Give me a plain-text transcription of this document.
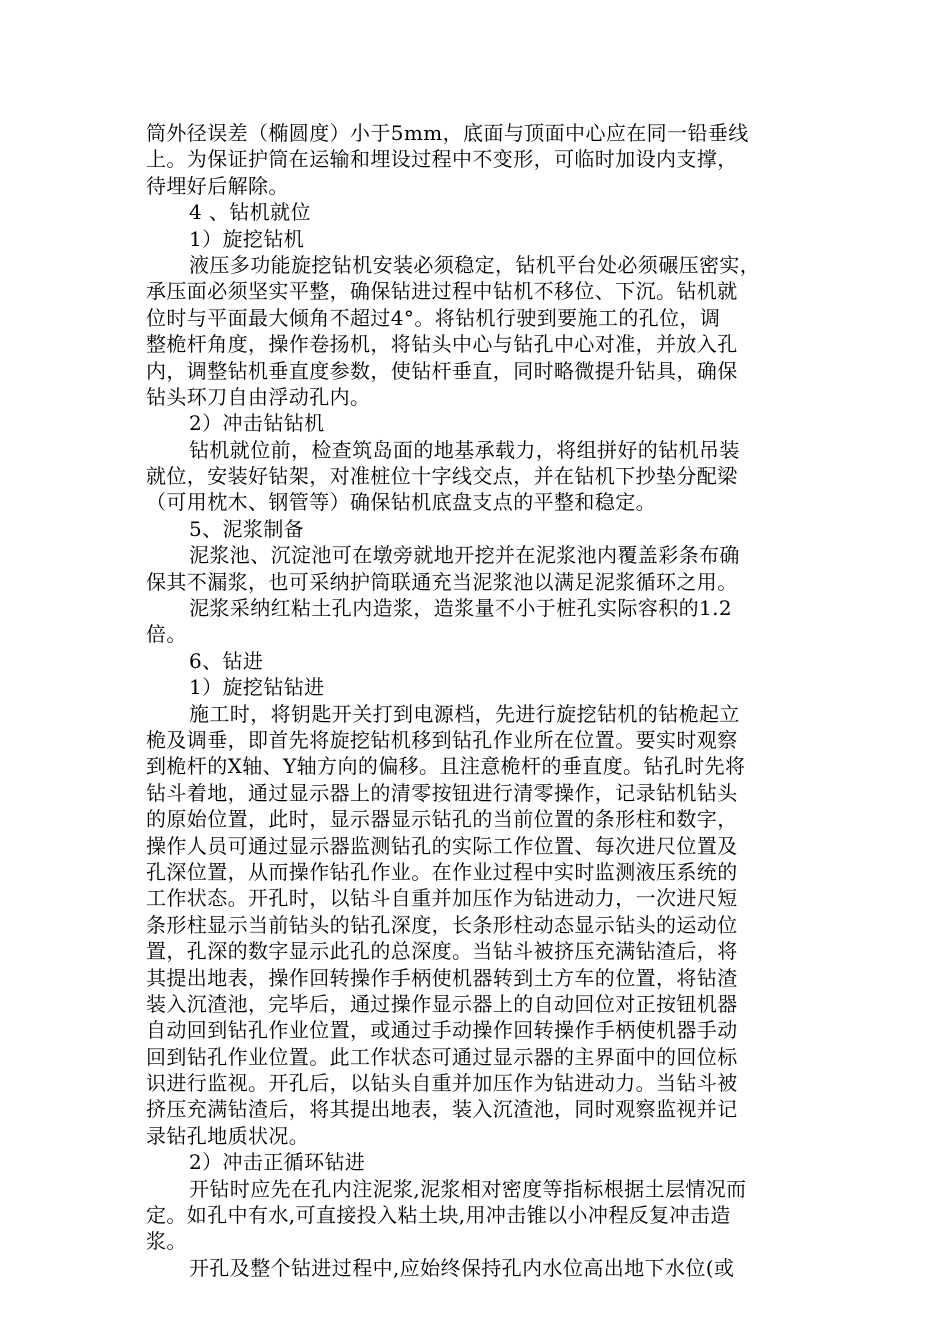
筒外径误差（椭圆度）小于5mm，底面与顶面中心应在同一铅垂线
上。为保证护筒在运输和埋设过程中不变形，可临时加设内支撑，
待埋好后解除。
4 、钻机就位
1）旋挖钻机
液压多功能旋挖钻机安装必须稳定，钻机平台处必须碾压密实，
承压面必须坚实平整，确保钻进过程中钻机不移位、下沉。钻机就
位时与平面最大倾角不超过4°。将钻机行驶到要施工的孔位，调
整桅杆角度，操作卷扬机，将钻头中心与钻孔中心对准，并放入孔
内，调整钻机垂直度参数，使钻杆垂直，同时略微提升钻具，确保
钻头环刀自由浮动孔内。
2）冲击钻钻机
钻机就位前，检查筑岛面的地基承载力，将组拼好的钻机吊装
就位，安装好钻架，对准桩位十字线交点，并在钻机下抄垫分配梁
（可用枕木、钢管等）确保钻机底盘支点的平整和稳定。
5、泥浆制备
泥浆池、沉淀池可在墩旁就地开挖并在泥浆池内覆盖彩条布确
保其不漏浆，也可采纳护筒联通充当泥浆池以满足泥浆循环之用。
泥浆采纳红粘土孔内造浆，造浆量不小于桩孔实际容积的1.2
倍。
6、钻进
1）旋挖钻钻进
施工时，将钥匙开关打到电源档，先进行旋挖钻机的钻桅起立
桅及调垂，即首先将旋挖钻机移到钻孔作业所在位置。要实时观察
到桅杆的X轴、Y轴方向的偏移。且注意桅杆的垂直度。钻孔时先将
钻斗着地，通过显示器上的清零按钮进行清零操作，记录钻机钻头
的原始位置，此时，显示器显示钻孔的当前位置的条形柱和数字，
操作人员可通过显示器监测钻孔的实际工作位置、每次进尺位置及
孔深位置，从而操作钻孔作业。在作业过程中实时监测液压系统的
工作状态。开孔时，以钻斗自重并加压作为钻进动力，一次进尺短
条形柱显示当前钻头的钻孔深度，长条形柱动态显示钻头的运动位
置，孔深的数字显示此孔的总深度。当钻斗被挤压充满钻渣后，将
其提出地表，操作回转操作手柄使机器转到土方车的位置，将钻渣
装入沉渣池，完毕后，通过操作显示器上的自动回位对正按钮机器
自动回到钻孔作业位置，或通过手动操作回转操作手柄使机器手动
回到钻孔作业位置。此工作状态可通过显示器的主界面中的回位标
识进行监视。开孔后，以钻头自重并加压作为钻进动力。当钻斗被
挤压充满钻渣后，将其提出地表，装入沉渣池，同时观察监视并记
录钻孔地质状况。
2）冲击正循环钻进
开钻时应先在孔内注泥浆,泥浆相对密度等指标根据土层情况而
定。如孔中有水,可直接投入粘土块,用冲击锥以小冲程反复冲击造
浆。
开孔及整个钻进过程中,应始终保持孔内水位高出地下水位(或
